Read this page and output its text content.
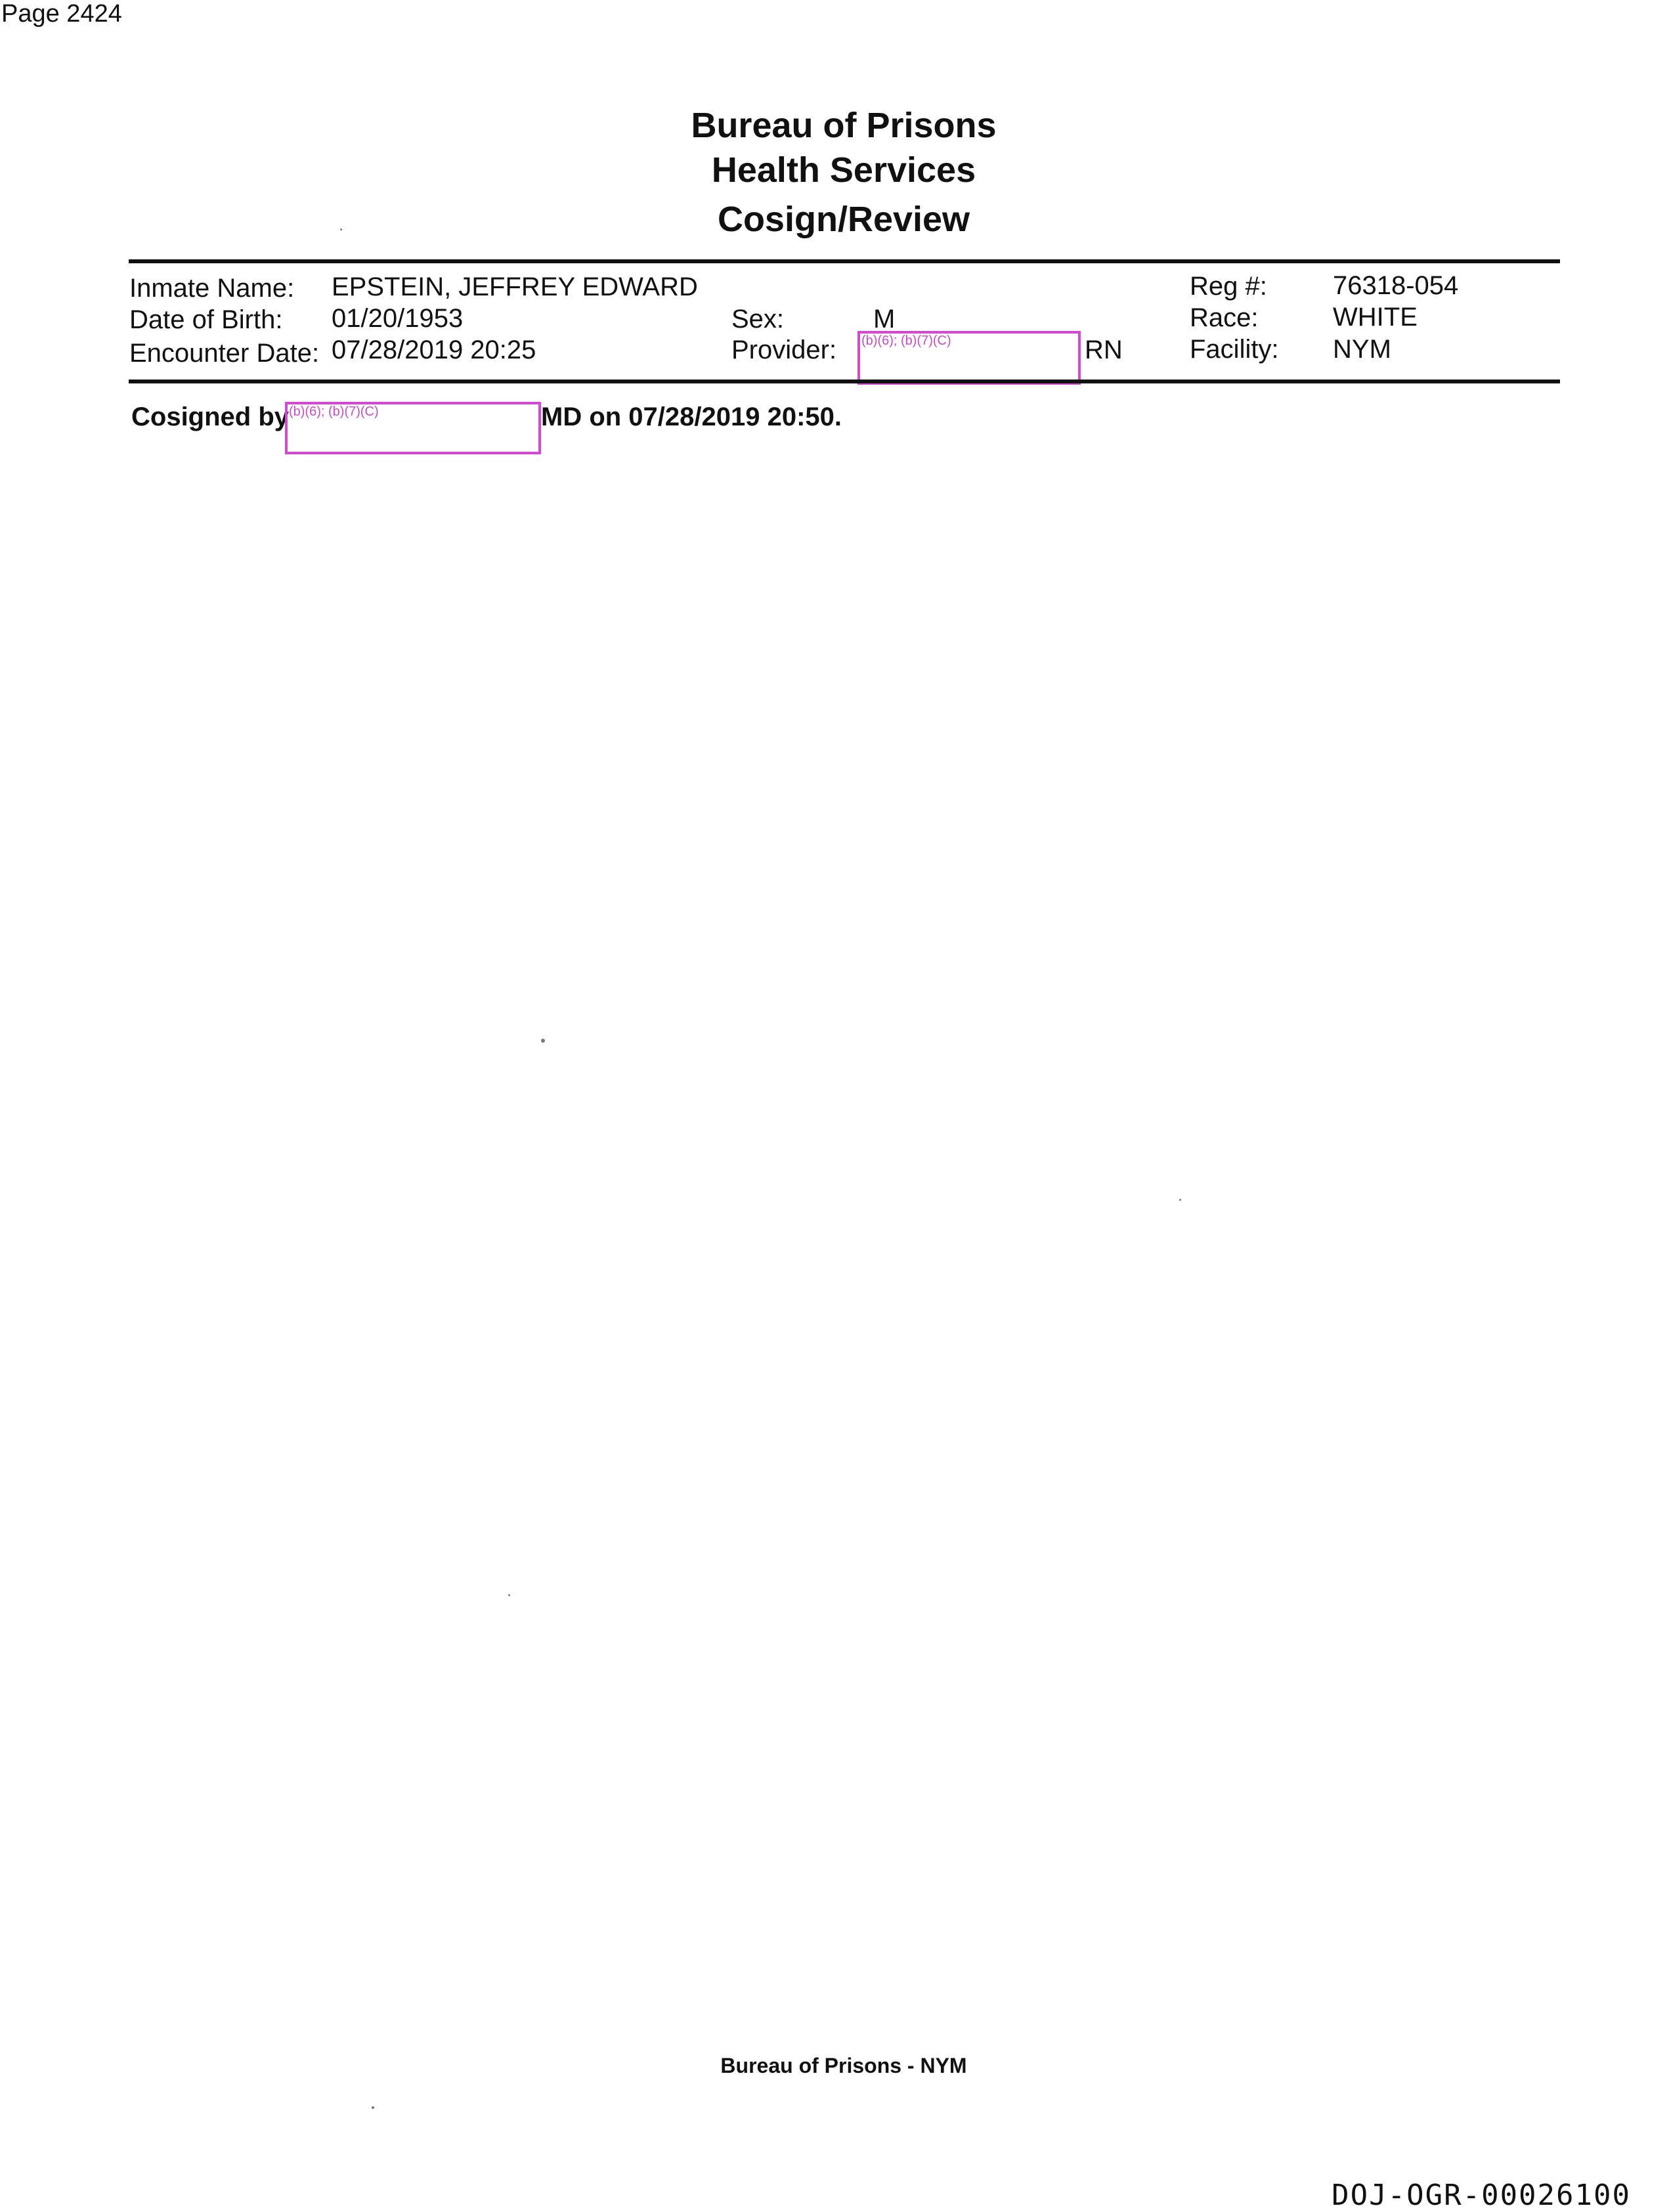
Page 2424
Bureau of Prisons
Health Services
Cosign/Review
Inmate Name: EPSTEIN, JEFFREY EDWARD
Date of Birth: 01/20/1953
Encounter Date: 07/28/2019 20:25
Sex:	M
Provider: (b)(6); (b)(7)(C)	RN
Reg #:	76318-054
Race:	WHITE
Facility: NYM
Cosigned by (b)(6); (b)(7)(C)	MD on 07/28/2019 20:50.
Bureau of Prisons - NYM
DOJ-OGR-00026100
